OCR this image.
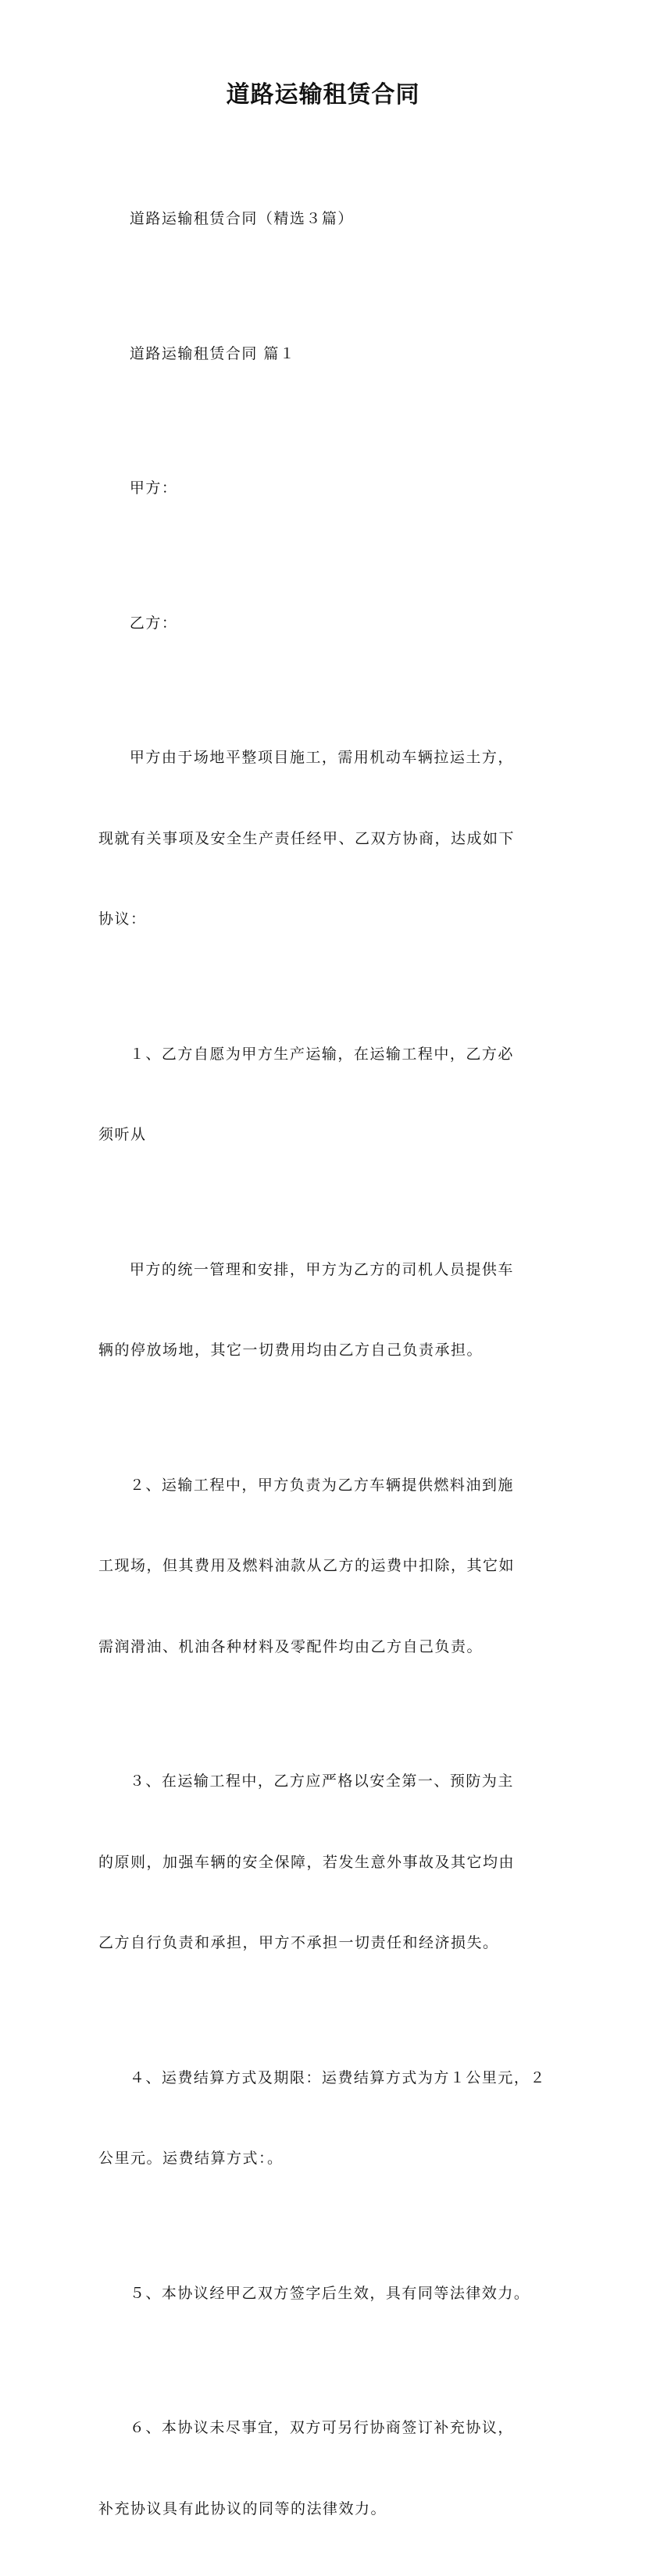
道路运输租赁合同

道路运输租赁合同（精选３篇）

道路运输租赁合同 篇１

甲方：

乙方：

甲方由于场地平整项目施工，需用机动车辆拉运土方，

现就有关事项及安全生产责任经甲、乙双方协商，达成如下

协议：

１、乙方自愿为甲方生产运输，在运输工程中，乙方必

须听从

甲方的统一管理和安排，甲方为乙方的司机人员提供车

辆的停放场地，其它一切费用均由乙方自己负责承担。

２、运输工程中，甲方负责为乙方车辆提供燃料油到施

工现场，但其费用及燃料油款从乙方的运费中扣除，其它如

需润滑油、机油各种材料及零配件均由乙方自己负责。

３、在运输工程中，乙方应严格以安全第一、预防为主

的原则，加强车辆的安全保障，若发生意外事故及其它均由

乙方自行负责和承担，甲方不承担一切责任和经济损失。

４、运费结算方式及期限：运费结算方式为方１公里元，２

公里元。运费结算方式：。

５、本协议经甲乙双方签字后生效，具有同等法律效力。

６、本协议未尽事宜，双方可另行协商签订补充协议，

补充协议具有此协议的同等的法律效力。
